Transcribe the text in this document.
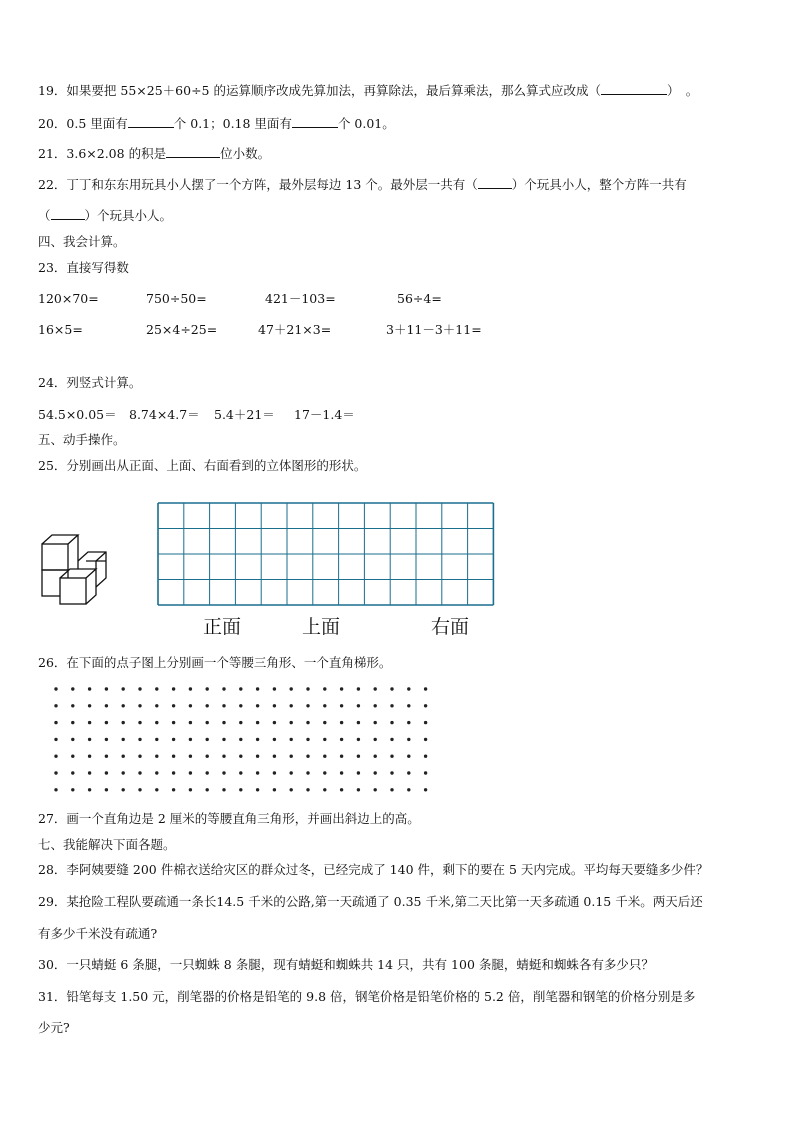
19．如果要把 55×25＋60÷5 的运算顺序改成先算加法，再算除法，最后算乘法，那么算式应改成（	）　。
20．0.5 里面有	个 0.1；0.18 里面有	个 0.01。
21．3.6×2.08 的积是	位小数。
22．丁丁和东东用玩具小人摆了一个方阵，最外层每边 13 个。最外层一共有（	）个玩具小人，整个方阵一共有
（	）个玩具小人。
四、我会计算。
23．直接写得数
120×70=	750÷50=	421－103=	56÷4=
16×5=	25×4÷25=	47＋21×3=	3＋11－3＋11=
24．列竖式计算。
54.5×0.05＝ 8.74×4.7＝ 5.4＋21＝ 17－1.4＝
五、动手操作。
25．分别画出从正面、上面、右面看到的立体图形的形状。
正面	上面	右面
26．在下面的点子图上分别画一个等腰三角形、一个直角梯形。
27．画一个直角边是 2 厘米的等腰直角三角形，并画出斜边上的高。
七、我能解决下面各题。
28．李阿姨要缝 200 件棉衣送给灾区的群众过冬，已经完成了 140 件，剩下的要在 5 天内完成。平均每天要缝多少件？
29．某抢险工程队要疏通一条长14.5 千米的公路,第一天疏通了 0.35 千米,第二天比第一天多疏通 0.15 千米。两天后还
有多少千米没有疏通?
30．一只蜻蜓 6 条腿，一只蜘蛛 8 条腿，现有蜻蜓和蜘蛛共 14 只，共有 100 条腿，蜻蜓和蜘蛛各有多少只？
31．铅笔每支 1.50 元，削笔器的价格是铅笔的 9.8 倍，钢笔价格是铅笔价格的 5.2 倍，削笔器和钢笔的价格分别是多
少元?
